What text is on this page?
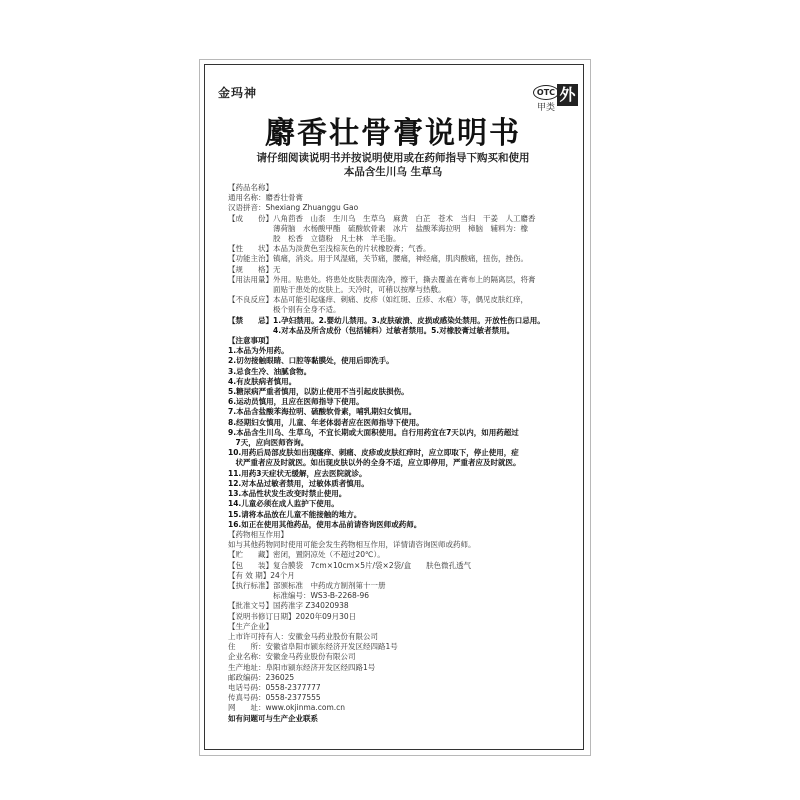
金玛神	OTC
甲类
外
麝香壮骨膏说明书
请仔细阅读说明书并按说明使用或在药师指导下购买和使用
本品含生川乌 生草乌
【药品名称】
通用名称：麝香壮骨膏
汉语拼音：Shexiang Zhuanggu Gao
【成　　份】八角茴香　山柰　生川乌　生草乌　麻黄　白芷　苍术　当归　干姜　人工麝香
　　　　　　薄荷脑　水杨酸甲酯　硫酸软骨素　冰片　盐酸苯海拉明　樟脑　辅料为：橡
　　　　　　胶　松香　立德粉　凡士林　羊毛脂。
【性　　状】本品为淡黄色至浅棕灰色的片状橡胶膏；气香。
【功能主治】镇痛，消炎。用于风湿痛，关节痛，腰痛，神经痛，肌肉酸痛，扭伤，挫伤。
【规　　格】无
【用法用量】外用。贴患处。将患处皮肤表面洗净，擦干，撕去覆盖在膏布上的隔离层，将膏
　　　　　　面贴于患处的皮肤上。天冷时，可稍以按摩与热敷。
【不良反应】本品可能引起瘙痒、刺痛、皮疹（如红斑、丘疹、水疱）等，偶见皮肤红痒，
　　　　　　极个别有全身不适。
【禁　　忌】1.孕妇禁用。2.婴幼儿禁用。3.皮肤破溃、皮损或感染处禁用。开放性伤口忌用。
　　　　　　4.对本品及所含成份（包括辅料）过敏者禁用。5.对橡胶膏过敏者禁用。
【注意事项】
1.本品为外用药。
2.切勿接触眼睛、口腔等黏膜处，使用后即洗手。
3.忌食生冷、油腻食物。
4.有皮肤病者慎用。
5.糖尿病严重者慎用，以防止使用不当引起皮肤损伤。
6.运动员慎用，且应在医师指导下使用。
7.本品含盐酸苯海拉明、硫酸软骨素，哺乳期妇女慎用。
8.经期妇女慎用，儿童、年老体弱者应在医师指导下使用。
9.本品含生川乌、生草乌，不宜长期或大面积使用。自行用药宜在7天以内，如用药超过
　7天，应向医师咨询。
10.用药后局部皮肤如出现瘙痒、刺痛、皮疹或皮肤红痒时，应立即取下，停止使用，症
　状严重者应及时就医。如出现皮肤以外的全身不适，应立即停用，严重者应及时就医。
11.用药3天症状无缓解，应去医院就诊。
12.对本品过敏者禁用，过敏体质者慎用。
13.本品性状发生改变时禁止使用。
14.儿童必须在成人监护下使用。
15.请将本品放在儿童不能接触的地方。
16.如正在使用其他药品，使用本品前请咨询医师或药师。
【药物相互作用】
如与其他药物同时使用可能会发生药物相互作用，详情请咨询医师或药师。
【贮　　藏】密闭，置阴凉处（不超过20℃）。
【包　　装】复合膜袋　7cm×10cm×5片/袋×2袋/盒　　肤色微孔透气
【有 效 期】24个月
【执行标准】部颁标准　中药成方制剂第十一册
　　　　　　标准编号：WS3-B-2268-96
【批准文号】国药准字 Z34020938
【说明书修订日期】2020年09月30日
【生产企业】
上市许可持有人：安徽金马药业股份有限公司
住　　所：安徽省阜阳市颍东经济开发区经四路1号
企业名称：安徽金马药业股份有限公司
生产地址：阜阳市颍东经济开发区经四路1号
邮政编码：236025
电话号码：0558-2377777
传真号码：0558-2377555
网　　址：www.okjinma.com.cn
如有问题可与生产企业联系
